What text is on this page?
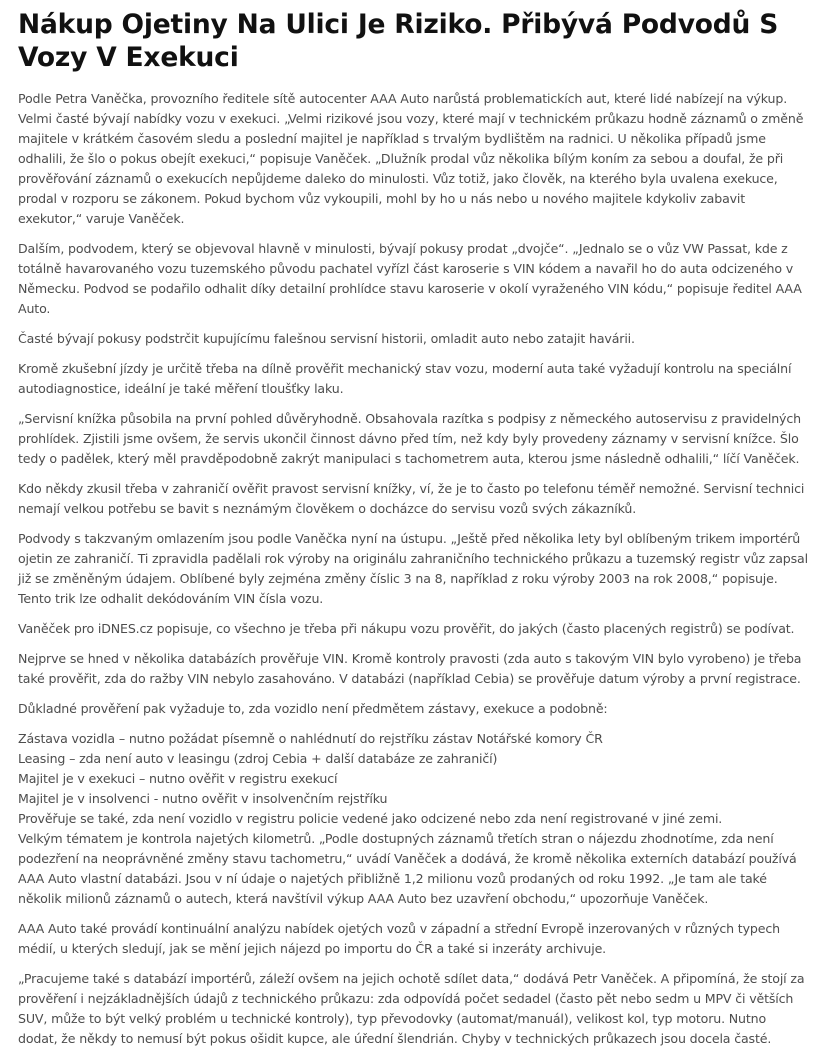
Nákup Ojetiny Na Ulici Je Riziko. Přibývá Podvodů S Vozy V Exekuci

Podle Petra Vaněčka, provozního ředitele sítě autocenter AAA Auto narůstá problematickích aut, které lidé nabízejí na výkup. Velmi časté bývají nabídky vozu v exekuci. „Velmi rizikové jsou vozy, které mají v technickém průkazu hodně záznamů o změně majitele v krátkém časovém sledu a poslední majitel je například s trvalým bydlištěm na radnici. U několika případů jsme odhalili, že šlo o pokus obejít exekuci,“ popisuje Vaněček. „Dlužník prodal vůz několika bílým koním za sebou a doufal, že při prověřování záznamů o exekucích nepůjdeme daleko do minulosti. Vůz totiž, jako člověk, na kterého byla uvalena exekuce, prodal v rozporu se zákonem. Pokud bychom vůz vykoupili, mohl by ho u nás nebo u nového majitele kdykoliv zabavit exekutor,“ varuje Vaněček.

Dalším, podvodem, který se objevoval hlavně v minulosti, bývají pokusy prodat „dvojče“. „Jednalo se o vůz VW Passat, kde z totálně havarovaného vozu tuzemského původu pachatel vyřízl část karoserie s VIN kódem a navařil ho do auta odcizeného v Německu. Podvod se podařilo odhalit díky detailní prohlídce stavu karoserie v okolí vyraženého VIN kódu,“ popisuje ředitel AAA Auto.

Časté bývají pokusy podstrčit kupujícímu falešnou servisní historii, omladit auto nebo zatajit havárii.

Kromě zkušební jízdy je určitě třeba na dílně prověřit mechanický stav vozu, moderní auta také vyžadují kontrolu na speciální autodiagnostice, ideální je také měření tloušťky laku.

„Servisní knížka působila na první pohled důvěryhodně. Obsahovala razítka s podpisy z německého autoservisu z pravidelných prohlídek. Zjistili jsme ovšem, že servis ukončil činnost dávno před tím, než kdy byly provedeny záznamy v servisní knížce. Šlo tedy o padělek, který měl pravděpodobně zakrýt manipulaci s tachometrem auta, kterou jsme následně odhalili,“ líčí Vaněček.

Kdo někdy zkusil třeba v zahraničí ověřit pravost servisní knížky, ví, že je to často po telefonu téměř nemožné. Servisní technici nemají velkou potřebu se bavit s neznámým člověkem o docházce do servisu vozů svých zákazníků.

Podvody s takzvaným omlazením jsou podle Vaněčka nyní na ústupu. „Ještě před několika lety byl oblíbeným trikem importérů ojetin ze zahraničí. Ti zpravidla padělali rok výroby na originálu zahraničního technického průkazu a tuzemský registr vůz zapsal již se změněným údajem. Oblíbené byly zejména změny číslic 3 na 8, například z roku výroby 2003 na rok 2008,“ popisuje. Tento trik lze odhalit dekódováním VIN čísla vozu.

Vaněček pro iDNES.cz popisuje, co všechno je třeba při nákupu vozu prověřit, do jakých (často placených registrů) se podívat.

Nejprve se hned v několika databázích prověřuje VIN. Kromě kontroly pravosti (zda auto s takovým VIN bylo vyrobeno) je třeba také prověřit, zda do ražby VIN nebylo zasahováno. V databázi (například Cebia) se prověřuje datum výroby a první registrace.

Důkladné prověření pak vyžaduje to, zda vozidlo není předmětem zástavy, exekuce a podobně:

Zástava vozidla – nutno požádat písemně o nahlédnutí do rejstříku zástav Notářské komory ČR
Leasing – zda není auto v leasingu (zdroj Cebia + další databáze ze zahraničí)
Majitel je v exekuci – nutno ověřit v registru exekucí
Majitel je v insolvenci - nutno ověřit v insolvenčním rejstříku
Prověřuje se také, zda není vozidlo v registru policie vedené jako odcizené nebo zda není registrované v jiné zemi.
Velkým tématem je kontrola najetých kilometrů. „Podle dostupných záznamů třetích stran o nájezdu zhodnotíme, zda není podezření na neoprávněné změny stavu tachometru,“ uvádí Vaněček a dodává, že kromě několika externích databází používá AAA Auto vlastní databázi. Jsou v ní údaje o najetých přibližně 1,2 milionu vozů prodaných od roku 1992. „Je tam ale také několik milionů záznamů o autech, která navštívil výkup AAA Auto bez uzavření obchodu,“ upozorňuje Vaněček.

AAA Auto také provádí kontinuální analýzu nabídek ojetých vozů v západní a střední Evropě inzerovaných v různých typech médií, u kterých sledují, jak se mění jejich nájezd po importu do ČR a také si inzeráty archivuje.

„Pracujeme také s databází importérů, záleží ovšem na jejich ochotě sdílet data,“ dodává Petr Vaněček. A připomíná, že stojí za prověření i nejzákladnějších údajů z technického průkazu: zda odpovídá počet sedadel (často pět nebo sedm u MPV či větších SUV, může to být velký problém u technické kontroly), typ převodovky (automat/manuál), velikost kol, typ motoru. Nutno dodat, že někdy to nemusí být pokus ošidit kupce, ale úřední šlendrián. Chyby v technických průkazech jsou docela časté.
